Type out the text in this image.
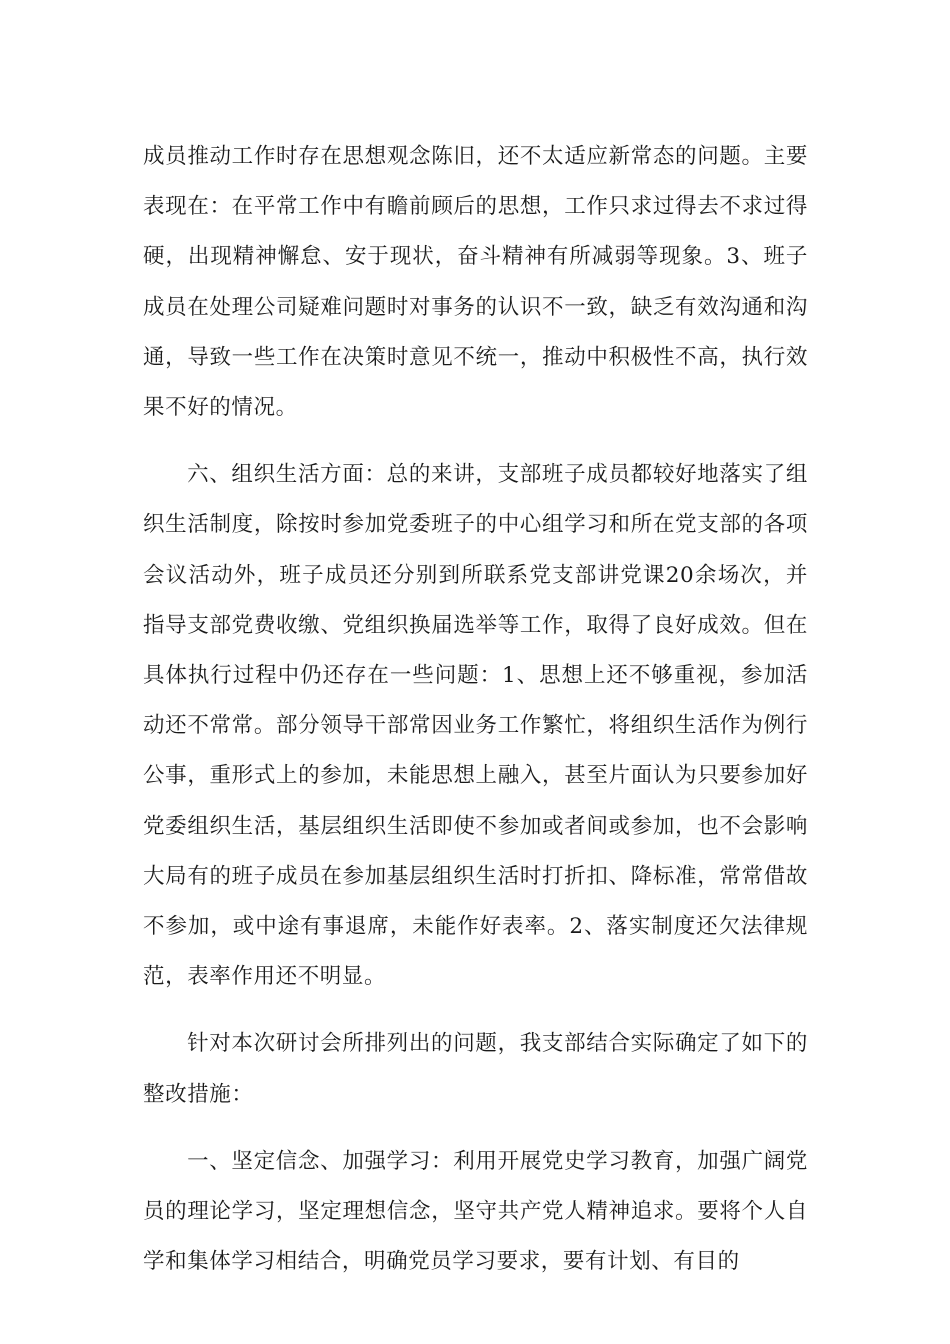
成员推动工作时存在思想观念陈旧，还不太适应新常态的问题。主要表现在：在平常工作中有瞻前顾后的思想，工作只求过得去不求过得硬，出现精神懈怠、安于现状，奋斗精神有所减弱等现象。3、班子成员在处理公司疑难问题时对事务的认识不一致，缺乏有效沟通和沟通，导致一些工作在决策时意见不统一，推动中积极性不高，执行效果不好的情况。

六、组织生活方面：总的来讲，支部班子成员都较好地落实了组织生活制度，除按时参加党委班子的中心组学习和所在党支部的各项会议活动外，班子成员还分别到所联系党支部讲党课20余场次，并指导支部党费收缴、党组织换届选举等工作，取得了良好成效。但在具体执行过程中仍还存在一些问题：1、思想上还不够重视，参加活动还不常常。部分领导干部常因业务工作繁忙，将组织生活作为例行公事，重形式上的参加，未能思想上融入，甚至片面认为只要参加好党委组织生活，基层组织生活即使不参加或者间或参加，也不会影响大局有的班子成员在参加基层组织生活时打折扣、降标准，常常借故不参加，或中途有事退席，未能作好表率。2、落实制度还欠法律规范，表率作用还不明显。

针对本次研讨会所排列出的问题，我支部结合实际确定了如下的整改措施：

一、坚定信念、加强学习：利用开展党史学习教育，加强广阔党员的理论学习，坚定理想信念，坚守共产党人精神追求。要将个人自学和集体学习相结合，明确党员学习要求，要有计划、有目的
